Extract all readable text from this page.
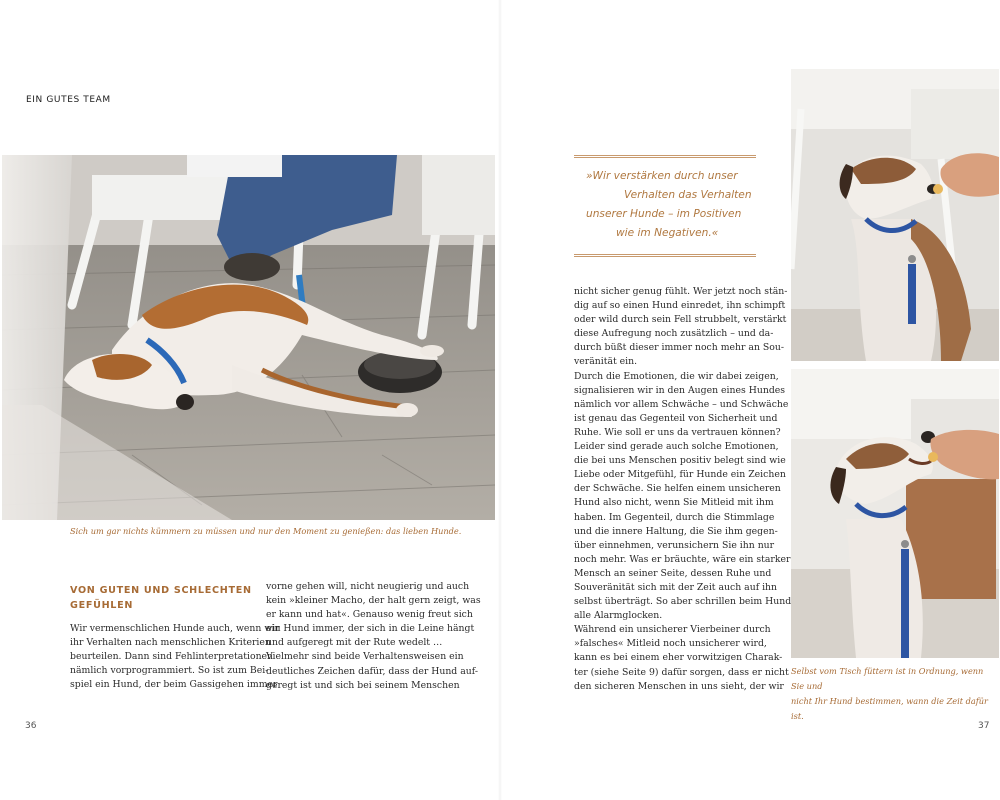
EIN GUTES TEAM
Sich um gar nichts kümmern zu müssen und nur den Moment zu genießen: das lieben Hunde.
VON GUTEN UND SCHLECHTEN
GEFÜHLEN
Wir vermenschlichen Hunde auch, wenn wir
ihr Verhalten nach menschlichen Kriterien
beurteilen. Dann sind Fehlinterpretationen
nämlich vorprogrammiert. So ist zum Bei-
spiel ein Hund, der beim Gassigehen immer
vorne gehen will, nicht neugierig und auch
kein »kleiner Macho, der halt gern zeigt, was
er kann und hat«. Genauso wenig freut sich
ein Hund immer, der sich in die Leine hängt
und aufgeregt mit der Rute wedelt …
Vielmehr sind beide Verhaltensweisen ein
deutliches Zeichen dafür, dass der Hund auf-
geregt ist und sich bei seinem Menschen
»Wir verstärken durch unser
Verhalten das Verhalten
unserer Hunde – im Positiven
wie im Negativen.«
nicht sicher genug fühlt. Wer jetzt noch stän-
dig auf so einen Hund einredet, ihn schimpft
oder wild durch sein Fell strubbelt, verstärkt
diese Aufregung noch zusätzlich – und da-
durch büßt dieser immer noch mehr an Sou-
veränität ein.
Durch die Emotionen, die wir dabei zeigen,
signalisieren wir in den Augen eines Hundes
nämlich vor allem Schwäche – und Schwäche
ist genau das Gegenteil von Sicherheit und
Ruhe. Wie soll er uns da vertrauen können?
Leider sind gerade auch solche Emotionen,
die bei uns Menschen positiv belegt sind wie
Liebe oder Mitgefühl, für Hunde ein Zeichen
der Schwäche. Sie helfen einem unsicheren
Hund also nicht, wenn Sie Mitleid mit ihm
haben. Im Gegenteil, durch die Stimmlage
und die innere Haltung, die Sie ihm gegen-
über einnehmen, verunsichern Sie ihn nur
noch mehr. Was er bräuchte, wäre ein starker
Mensch an seiner Seite, dessen Ruhe und
Souveränität sich mit der Zeit auch auf ihn
selbst überträgt. So aber schrillen beim Hund
alle Alarmglocken.
Während ein unsicherer Vierbeiner durch
»falsches« Mitleid noch unsicherer wird,
kann es bei einem eher vorwitzigen Charak-
ter (siehe Seite 9) dafür sorgen, dass er nicht
den sicheren Menschen in uns sieht, der wir
Selbst vom Tisch füttern ist in Ordnung, wenn Sie und
nicht Ihr Hund bestimmen, wann die Zeit dafür ist.
36	37
